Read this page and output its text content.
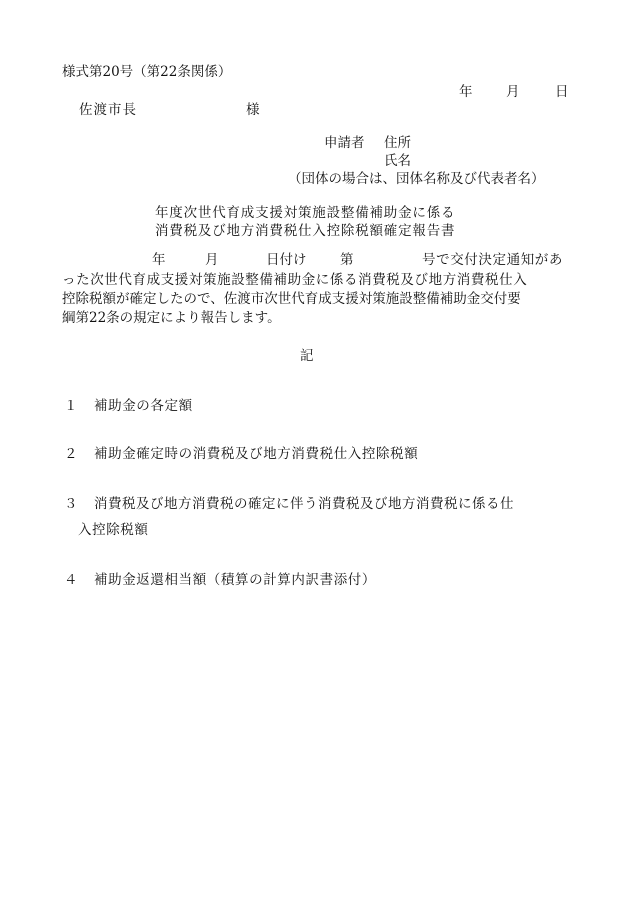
様式第20号（第22条関係）
年 月	日
佐渡市長	様
申請者 住所
氏名
（団体の場合は、団体名称及び代表者名）
年度次世代育成支援対策施設整備補助金に係る
消費税及び地方消費税仕入控除税額確定報告書
年	月	日付け 第	号で交付決定通知があ
った次世代育成支援対策施設整備補助金に係る消費税及び地方消費税仕入
控除税額が確定したので、佐渡市次世代育成支援対策施設整備補助金交付要
綱第22条の規定により報告します。
記
１ 補助金の各定額
２ 補助金確定時の消費税及び地方消費税仕入控除税額
３ 消費税及び地方消費税の確定に伴う消費税及び地方消費税に係る仕
入控除税額
４ 補助金返還相当額（積算の計算内訳書添付）
